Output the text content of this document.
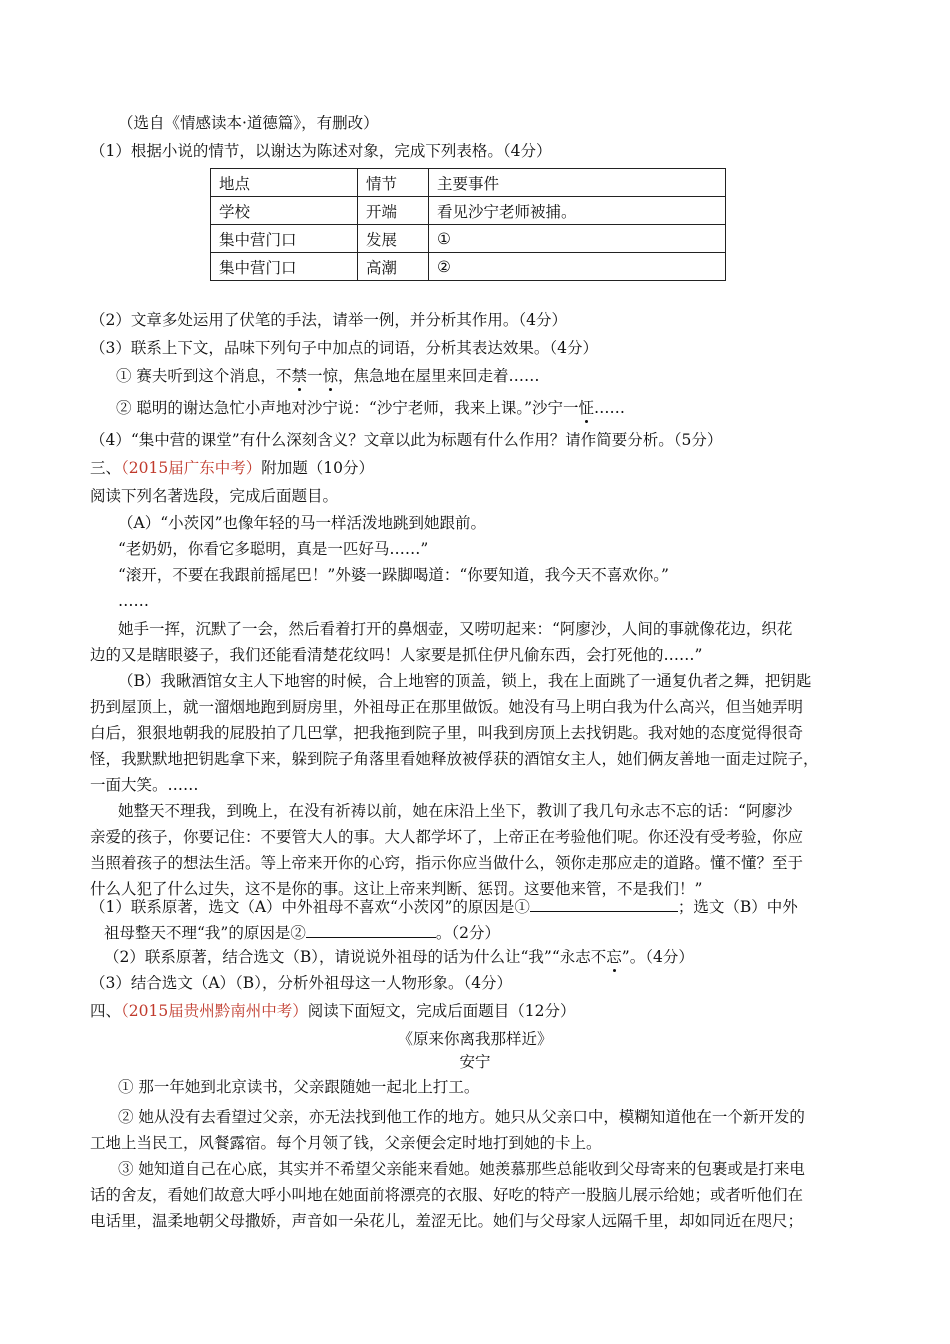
（选自《情感读本·道德篇》，有删改）
（1）根据小说的情节，以谢达为陈述对象，完成下列表格。（4分）
地点	情节	主要事件
学校	开端	看见沙宁老师被捕。
集中营门口	发展	①
集中营门口	高潮	②
（2）文章多处运用了伏笔的手法，请举一例，并分析其作用。（4分）
（3）联系上下文，品味下列句子中加点的词语，分析其表达效果。（4分）
① 赛夫听到这个消息，不禁一惊，焦急地在屋里来回走着……
② 聪明的谢达急忙小声地对沙宁说：“沙宁老师，我来上课。”沙宁一怔……
（4）“集中营的课堂”有什么深刻含义？文章以此为标题有什么作用？请作简要分析。（5分）
三、（2015届广东中考）附加题（10分）
阅读下列名著选段，完成后面题目。
（A）“小茨冈”也像年轻的马一样活泼地跳到她跟前。
“老奶奶，你看它多聪明，真是一匹好马……”
“滚开，不要在我跟前摇尾巴！”外婆一跺脚喝道：“你要知道，我今天不喜欢你。”
……
她手一挥，沉默了一会，然后看着打开的鼻烟壶，又唠叨起来：“阿廖沙，人间的事就像花边，织花
边的又是瞎眼婆子，我们还能看清楚花纹吗！人家要是抓住伊凡偷东西，会打死他的……”
（B）我瞅酒馆女主人下地窖的时候，合上地窖的顶盖，锁上，我在上面跳了一通复仇者之舞，把钥匙
扔到屋顶上，就一溜烟地跑到厨房里，外祖母正在那里做饭。她没有马上明白我为什么高兴，但当她弄明
白后，狠狠地朝我的屁股拍了几巴掌，把我拖到院子里，叫我到房顶上去找钥匙。我对她的态度觉得很奇
怪，我默默地把钥匙拿下来，躲到院子角落里看她释放被俘获的酒馆女主人，她们俩友善地一面走过院子，
一面大笑。……
她整天不理我，到晚上，在没有祈祷以前，她在床沿上坐下，教训了我几句永志不忘的话：“阿廖沙
亲爱的孩子，你要记住：不要管大人的事。大人都学坏了，上帝正在考验他们呢。你还没有受考验，你应
当照着孩子的想法生活。等上帝来开你的心窍，指示你应当做什么，领你走那应走的道路。懂不懂？至于
什么人犯了什么过失，这不是你的事。这让上帝来判断、惩罚。这要他来管，不是我们！”
（1）联系原著，选文（A）中外祖母不喜欢“小茨冈”的原因是①	；选文（B）中外
祖母整天不理“我”的原因是②	。（2分）
（2）联系原著，结合选文（B），请说说外祖母的话为什么让“我”“永志不忘”。（4分）
（3）结合选文（A）（B），分析外祖母这一人物形象。（4分）
四、（2015届贵州黔南州中考）阅读下面短文，完成后面题目（12分）
《原来你离我那样近》
安宁
① 那一年她到北京读书，父亲跟随她一起北上打工。
② 她从没有去看望过父亲，亦无法找到他工作的地方。她只从父亲口中，模糊知道他在一个新开发的
工地上当民工，风餐露宿。每个月领了钱，父亲便会定时地打到她的卡上。
③ 她知道自己在心底，其实并不希望父亲能来看她。她羡慕那些总能收到父母寄来的包裹或是打来电
话的舍友，看她们故意大呼小叫地在她面前将漂亮的衣服、好吃的特产一股脑儿展示给她；或者听他们在
电话里，温柔地朝父母撒娇，声音如一朵花儿，羞涩无比。她们与父母家人远隔千里，却如同近在咫尺；
